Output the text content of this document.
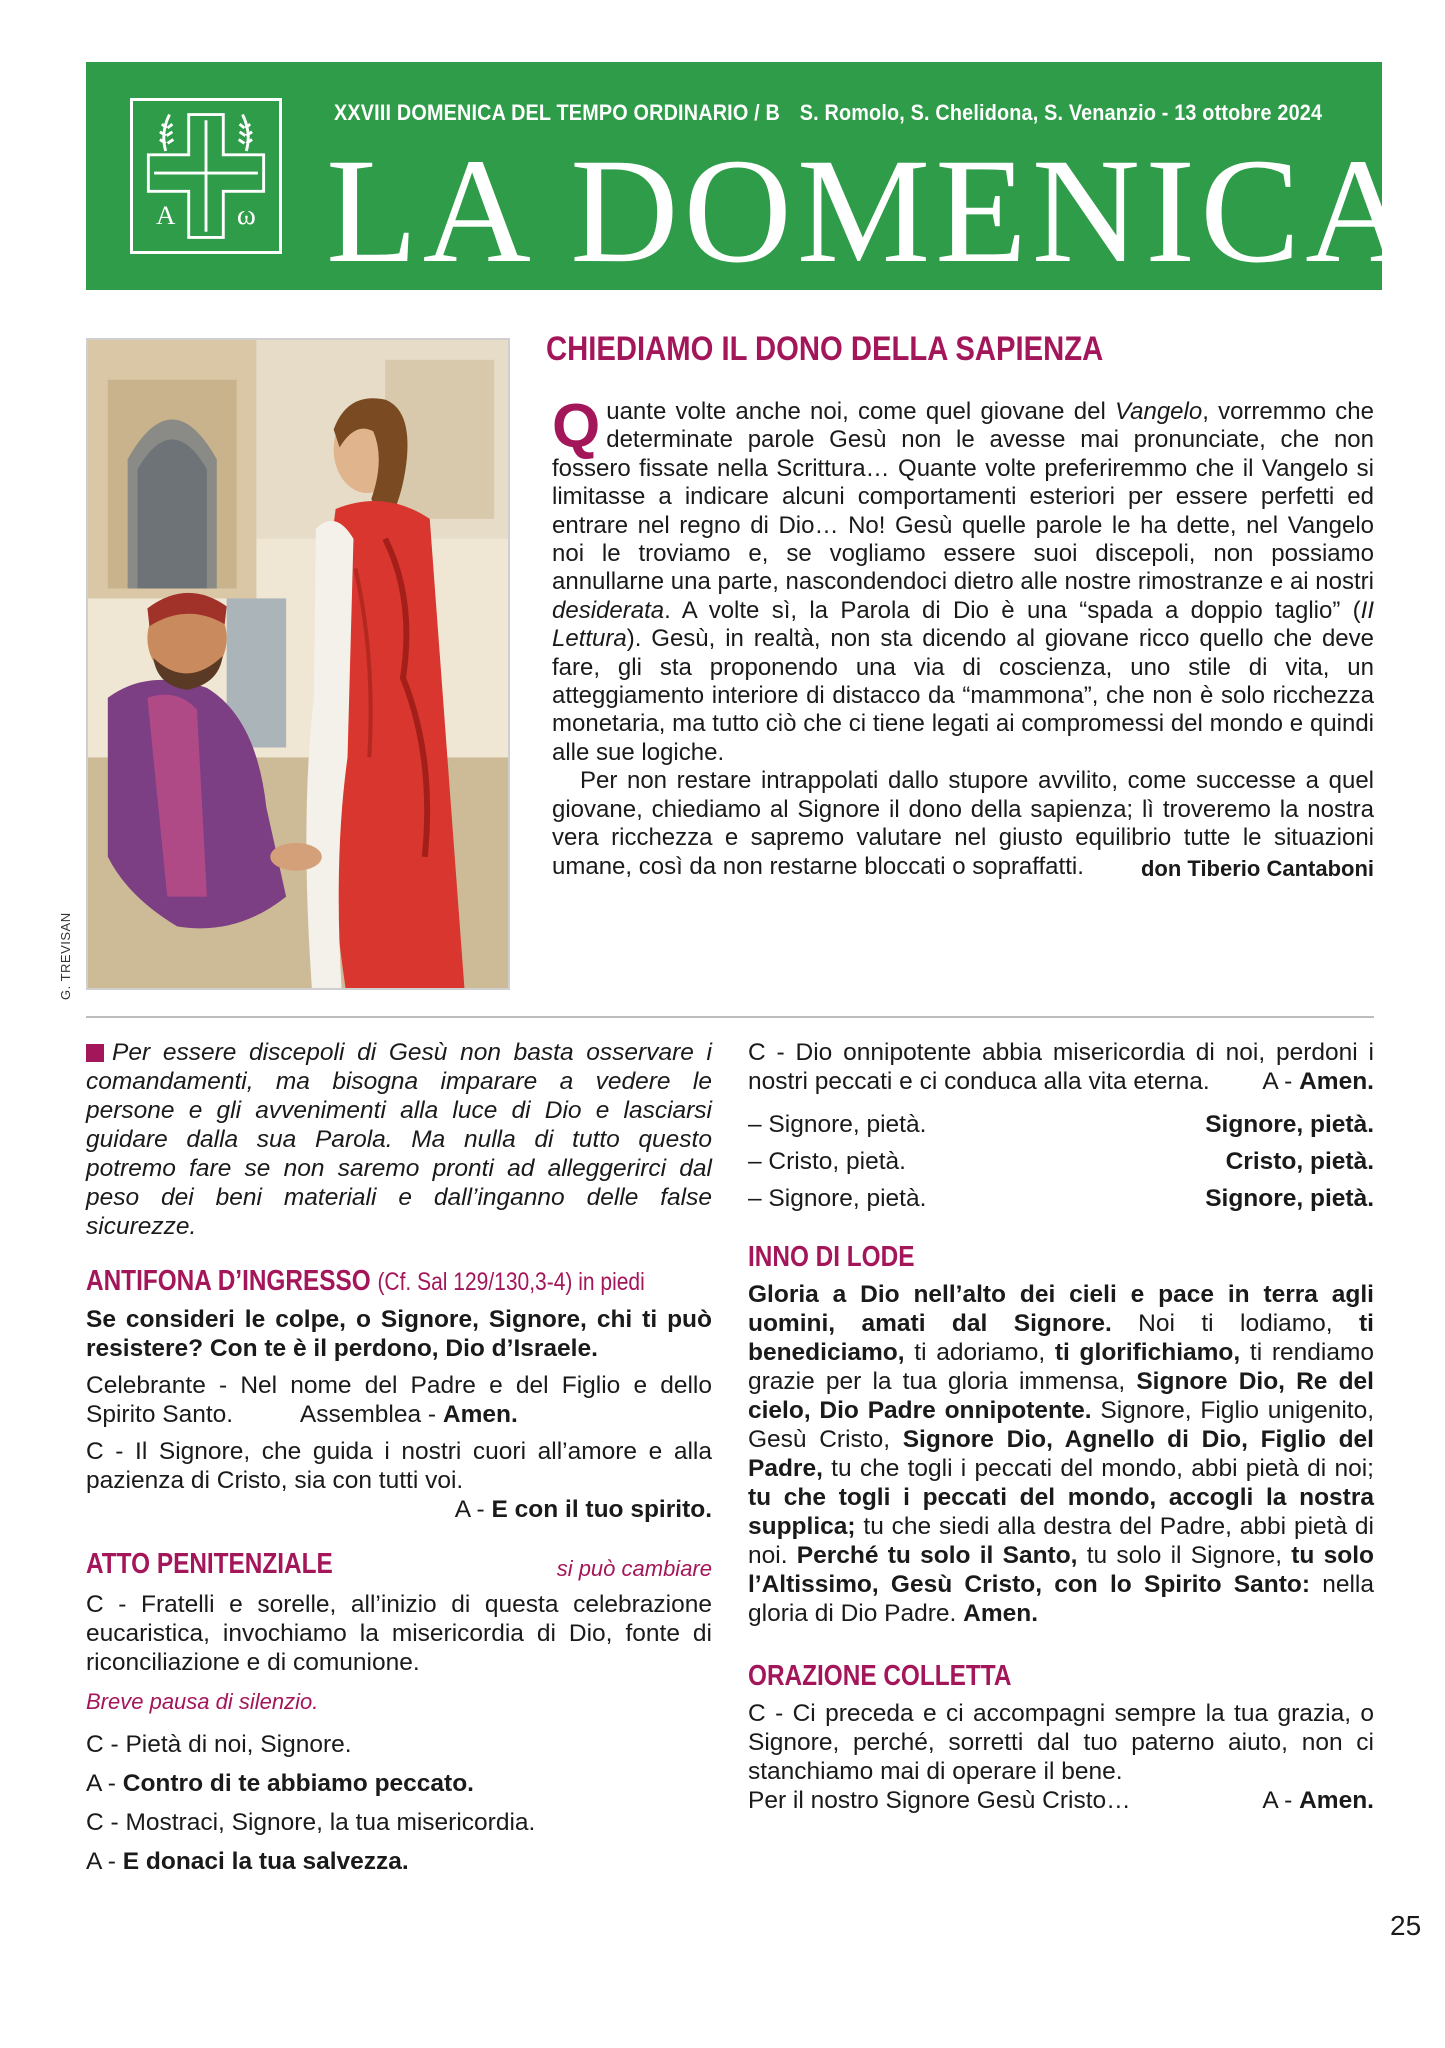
A ω
XXVIII DOMENICA DEL TEMPO ORDINARIO / B S. Romolo, S. Chelidona, S. Venanzio - 13 ottobre 2024
LA DOMENICA
G. TREVISAN
CHIEDIAMO IL DONO DELLA SAPIENZA

Quante volte anche noi, come quel giovane del Vangelo, vorremmo che determinate parole Gesù non le avesse mai pronunciate, che non fossero fissate nella Scrittura… Quante volte preferiremmo che il Vangelo si limitasse a indicare alcuni comportamenti esteriori per essere perfetti ed entrare nel regno di Dio… No! Gesù quelle parole le ha dette, nel Vangelo noi le troviamo e, se vogliamo essere suoi discepoli, non possiamo annullarne una parte, nascondendoci dietro alle nostre rimostranze e ai nostri desiderata. A volte sì, la Parola di Dio è una “spada a doppio taglio” (II Lettura). Gesù, in realtà, non sta dicendo al giovane ricco quello che deve fare, gli sta proponendo una via di coscienza, uno stile di vita, un atteggiamento interiore di distacco da “mammona”, che non è solo ricchezza monetaria, ma tutto ciò che ci tiene legati ai compromessi del mondo e quindi alle sue logiche.

Per non restare intrappolati dallo stupore avvilito, come successe a quel giovane, chiediamo al Signore il dono della sapienza; lì troveremo la nostra vera ricchezza e sapremo valutare nel giusto equilibrio tutte le situazioni umane, così da non restarne bloccati o sopraffatti.	don Tiberio Cantaboni

Per essere discepoli di Gesù non basta osservare i comandamenti, ma bisogna imparare a vedere le persone e gli avvenimenti alla luce di Dio e lasciarsi guidare dalla sua Parola. Ma nulla di tutto questo potremo fare se non saremo pronti ad alleggerirci dal peso dei beni materiali e dall’inganno delle false sicurezze.

ANTIFONA D’INGRESSO (Cf. Sal 129/130,3-4) in piedi

Se consideri le colpe, o Signore, Signore, chi ti può resistere? Con te è il perdono, Dio d’Israele.

Celebrante - Nel nome del Padre e del Figlio e dello Spirito Santo.	Assemblea - Amen.

C - Il Signore, che guida i nostri cuori all’amore e alla pazienza di Cristo, sia con tutti voi.

A - E con il tuo spirito.

ATTO PENITENZIALE	si può cambiare

C - Fratelli e sorelle, all’inizio di questa celebrazione eucaristica, invochiamo la misericordia di Dio, fonte di riconciliazione e di comunione.

Breve pausa di silenzio.

C - Pietà di noi, Signore.

A - Contro di te abbiamo peccato.

C - Mostraci, Signore, la tua misericordia.

A - E donaci la tua salvezza.

C - Dio onnipotente abbia misericordia di noi, perdoni i nostri peccati e ci conduca alla vita eterna.	A - Amen.

– Signore, pietà.	Signore, pietà.
– Cristo, pietà.	Cristo, pietà.
– Signore, pietà.	Signore, pietà.
INNO DI LODE

Gloria a Dio nell’alto dei cieli e pace in terra agli uomini, amati dal Signore. Noi ti lodiamo, ti benediciamo, ti adoriamo, ti glorifichiamo, ti rendiamo grazie per la tua gloria immensa, Signore Dio, Re del cielo, Dio Padre onnipotente. Signore, Figlio unigenito, Gesù Cristo, Signore Dio, Agnello di Dio, Figlio del Padre, tu che togli i peccati del mondo, abbi pietà di noi; tu che togli i peccati del mondo, accogli la nostra supplica; tu che siedi alla destra del Padre, abbi pietà di noi. Perché tu solo il Santo, tu solo il Signore, tu solo l’Altissimo, Gesù Cristo, con lo Spirito Santo: nella gloria di Dio Padre. Amen.

ORAZIONE COLLETTA

C - Ci preceda e ci accompagni sempre la tua grazia, o Signore, perché, sorretti dal tuo paterno aiuto, non ci stanchiamo mai di operare il bene.

Per il nostro Signore Gesù Cristo…	A - Amen.
25
